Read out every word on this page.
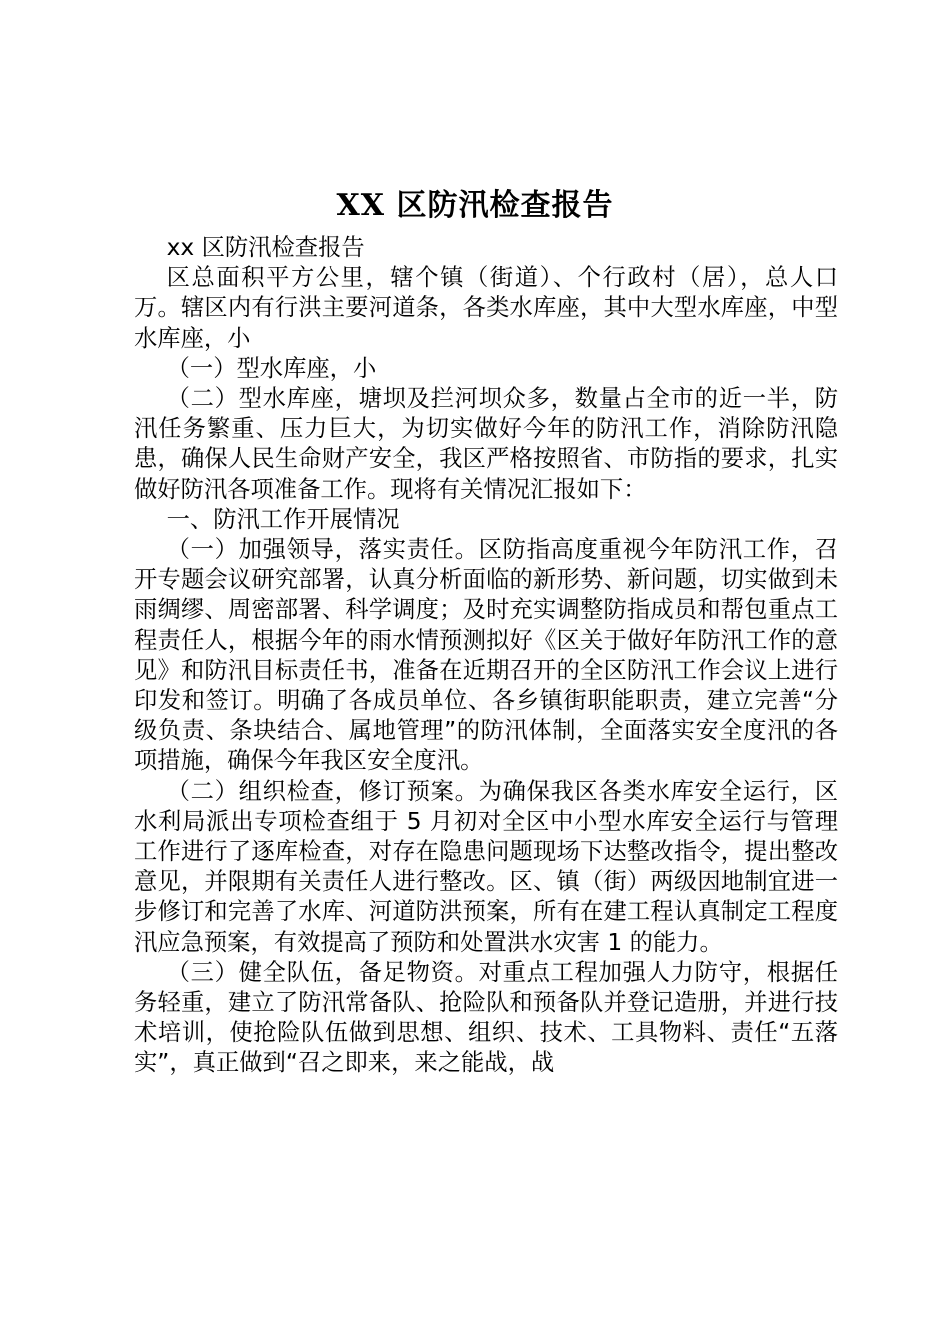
XX 区防汛检查报告

xx 区防汛检查报告

区总面积平方公里，辖个镇（街道）、个行政村（居），总人口万。辖区内有行洪主要河道条，各类水库座，其中大型水库座，中型水库座，小

（一）型水库座，小

（二）型水库座，塘坝及拦河坝众多，数量占全市的近一半，防汛任务繁重、压力巨大，为切实做好今年的防汛工作，消除防汛隐患，确保人民生命财产安全，我区严格按照省、市防指的要求，扎实做好防汛各项准备工作。现将有关情况汇报如下：

一、防汛工作开展情况

（一）加强领导，落实责任。区防指高度重视今年防汛工作，召开专题会议研究部署，认真分析面临的新形势、新问题，切实做到未雨绸缪、周密部署、科学调度；及时充实调整防指成员和帮包重点工程责任人，根据今年的雨水情预测拟好《区关于做好年防汛工作的意见》和防汛目标责任书，准备在近期召开的全区防汛工作会议上进行印发和签订。明确了各成员单位、各乡镇街职能职责，建立完善“分级负责、条块结合、属地管理”的防汛体制，全面落实安全度汛的各项措施，确保今年我区安全度汛。

（二）组织检查，修订预案。为确保我区各类水库安全运行，区水利局派出专项检查组于 5 月初对全区中小型水库安全运行与管理工作进行了逐库检查，对存在隐患问题现场下达整改指令，提出整改意见，并限期有关责任人进行整改。区、镇（街）两级因地制宜进一步修订和完善了水库、河道防洪预案，所有在建工程认真制定工程度汛应急预案，有效提高了预防和处置洪水灾害 1 的能力。

（三）健全队伍，备足物资。对重点工程加强人力防守，根据任务轻重，建立了防汛常备队、抢险队和预备队并登记造册，并进行技术培训，使抢险队伍做到思想、组织、技术、工具物料、责任“五落实”，真正做到“召之即来，来之能战，战
